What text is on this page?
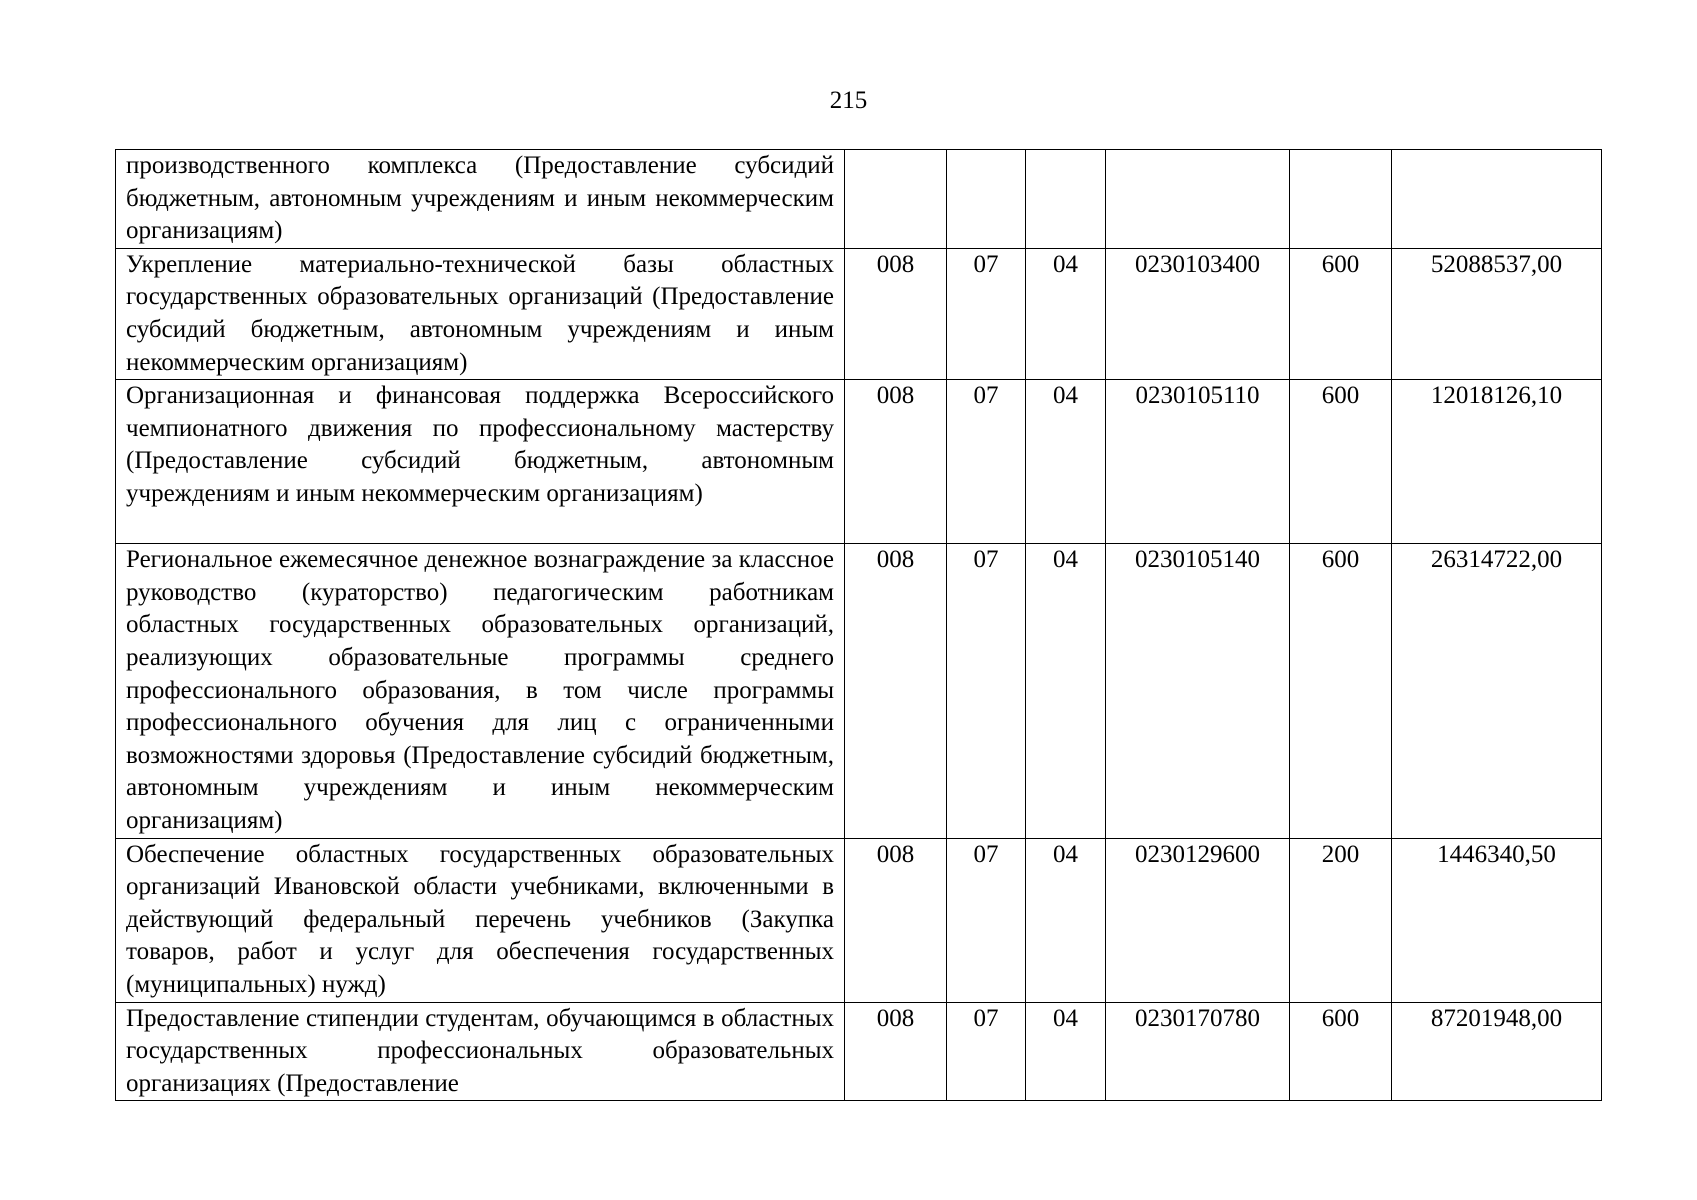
215
производственного комплекса (Предоставление субсидий бюджетным, автономным учреждениям и иным некоммерческим организациям)						
Укрепление материально-технической базы областных государственных образовательных организаций (Предоставление субсидий бюджетным, автономным учреждениям и иным некоммерческим организациям)	008	07	04	0230103400	600	52088537,00
Организационная и финансовая поддержка Всероссийского чемпионатного движения по профессиональному мастерству (Предоставление субсидий бюджетным, автономным учреждениям и иным некоммерческим организациям)	008	07	04	0230105110	600	12018126,10
Региональное ежемесячное денежное вознаграждение за классное руководство (кураторство) педагогическим работникам областных государственных образовательных организаций, реализующих образовательные программы среднего профессионального образования, в том числе программы профессионального обучения для лиц с ограниченными возможностями здоровья (Предоставление субсидий бюджетным, автономным учреждениям и иным некоммерческим организациям)	008	07	04	0230105140	600	26314722,00
Обеспечение областных государственных образовательных организаций Ивановской области учебниками, включенными в действующий федеральный перечень учебников (Закупка товаров, работ и услуг для обеспечения государственных (муниципальных) нужд)	008	07	04	0230129600	200	1446340,50
Предоставление стипендии студентам, обучающимся в областных государственных профессиональных образовательных организациях (Предоставление	008	07	04	0230170780	600	87201948,00
